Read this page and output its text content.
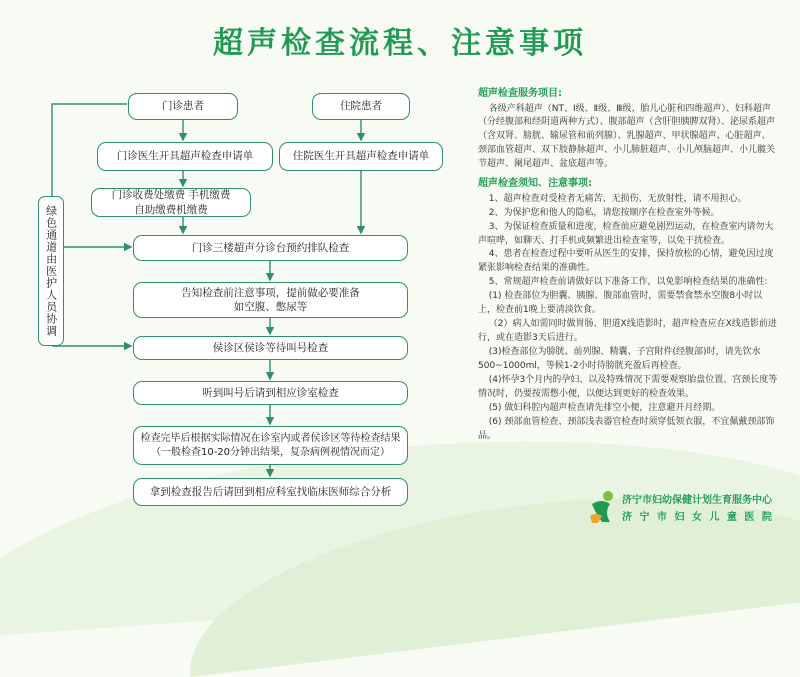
超声检查流程、注意事项
绿色通道由医护人员协调
门诊患者	住院患者
门诊医生开具超声检查申请单	住院医生开具超声检查申请单
门诊收费处缴费 手机缴费
自助缴费机缴费
门诊三楼超声分诊台预约排队检查
告知检查前注意事项，提前做必要准备
如空腹、憋尿等
侯诊区侯诊等待叫号检查
听到叫号后请到相应诊室检查
检查完毕后根据实际情况在诊室内或者侯诊区等待检查结果
（一般检查10-20分钟出结果，复杂病例视情况而定）
拿到检查报告后请回到相应科室找临床医师综合分析

超声检查服务项目:

各级产科超声（NT、Ⅰ级、Ⅱ级、Ⅲ级、胎儿心脏和四维超声）、妇科超声（分经腹部和经阴道两种方式）、腹部超声（含肝胆胰脾双肾）、泌尿系超声（含双肾、膀胱、输尿管和前列腺）、乳腺超声、甲状腺超声、心脏超声、颈部血管超声、双下肢静脉超声、小儿肺脏超声、小儿颅脑超声、小儿髋关节超声、阑尾超声、盆底超声等。

超声检查须知、注意事项:

1、超声检查对受检者无痛苦、无损伤、无放射性，请不用担心。

2、为保护您和他人的隐私，请您按顺序在检查室外等候。

3、为保证检查质量和进度，检查前应避免剧烈运动，在检查室内请勿大声喧哗，如聊天、打手机或频繁进出检查室等，以免干扰检查。

4、患者在检查过程中要听从医生的安排，保持放松的心情，避免因过度紧张影响检查结果的准确性。

5、常规超声检查前请做好以下准备工作，以免影响检查结果的准确性:

(1) 检查部位为胆囊、胰腺、腹部血管时，需要禁食禁水空腹8小时以上，检查前1晚上要清淡饮食。

（2）病人如需同时做胃肠、胆道X线造影时，超声检查应在X线造影前进行，或在造影3天后进行。

(3)检查部位为膀胱、前列腺、精囊、子宫附件(经腹部)时，请先饮水500~1000ml，等候1-2小时待膀胱充盈后再检查。

(4)怀孕3个月内的孕妇、以及特殊情况下需要观察胎盘位置、宫颈长度等情况时，仍要按需憋小便，以便达到更好的检查效果。

(5) 做妇科腔内超声检查请先排空小便，注意避开月经期。

(6) 颈部血管检查、颈部浅表器官检查时须穿低领衣服，不宜佩戴颈部饰品。

济宁市妇幼保健计划生育服务中心
济 宁 市 妇 女 儿 童 医 院
